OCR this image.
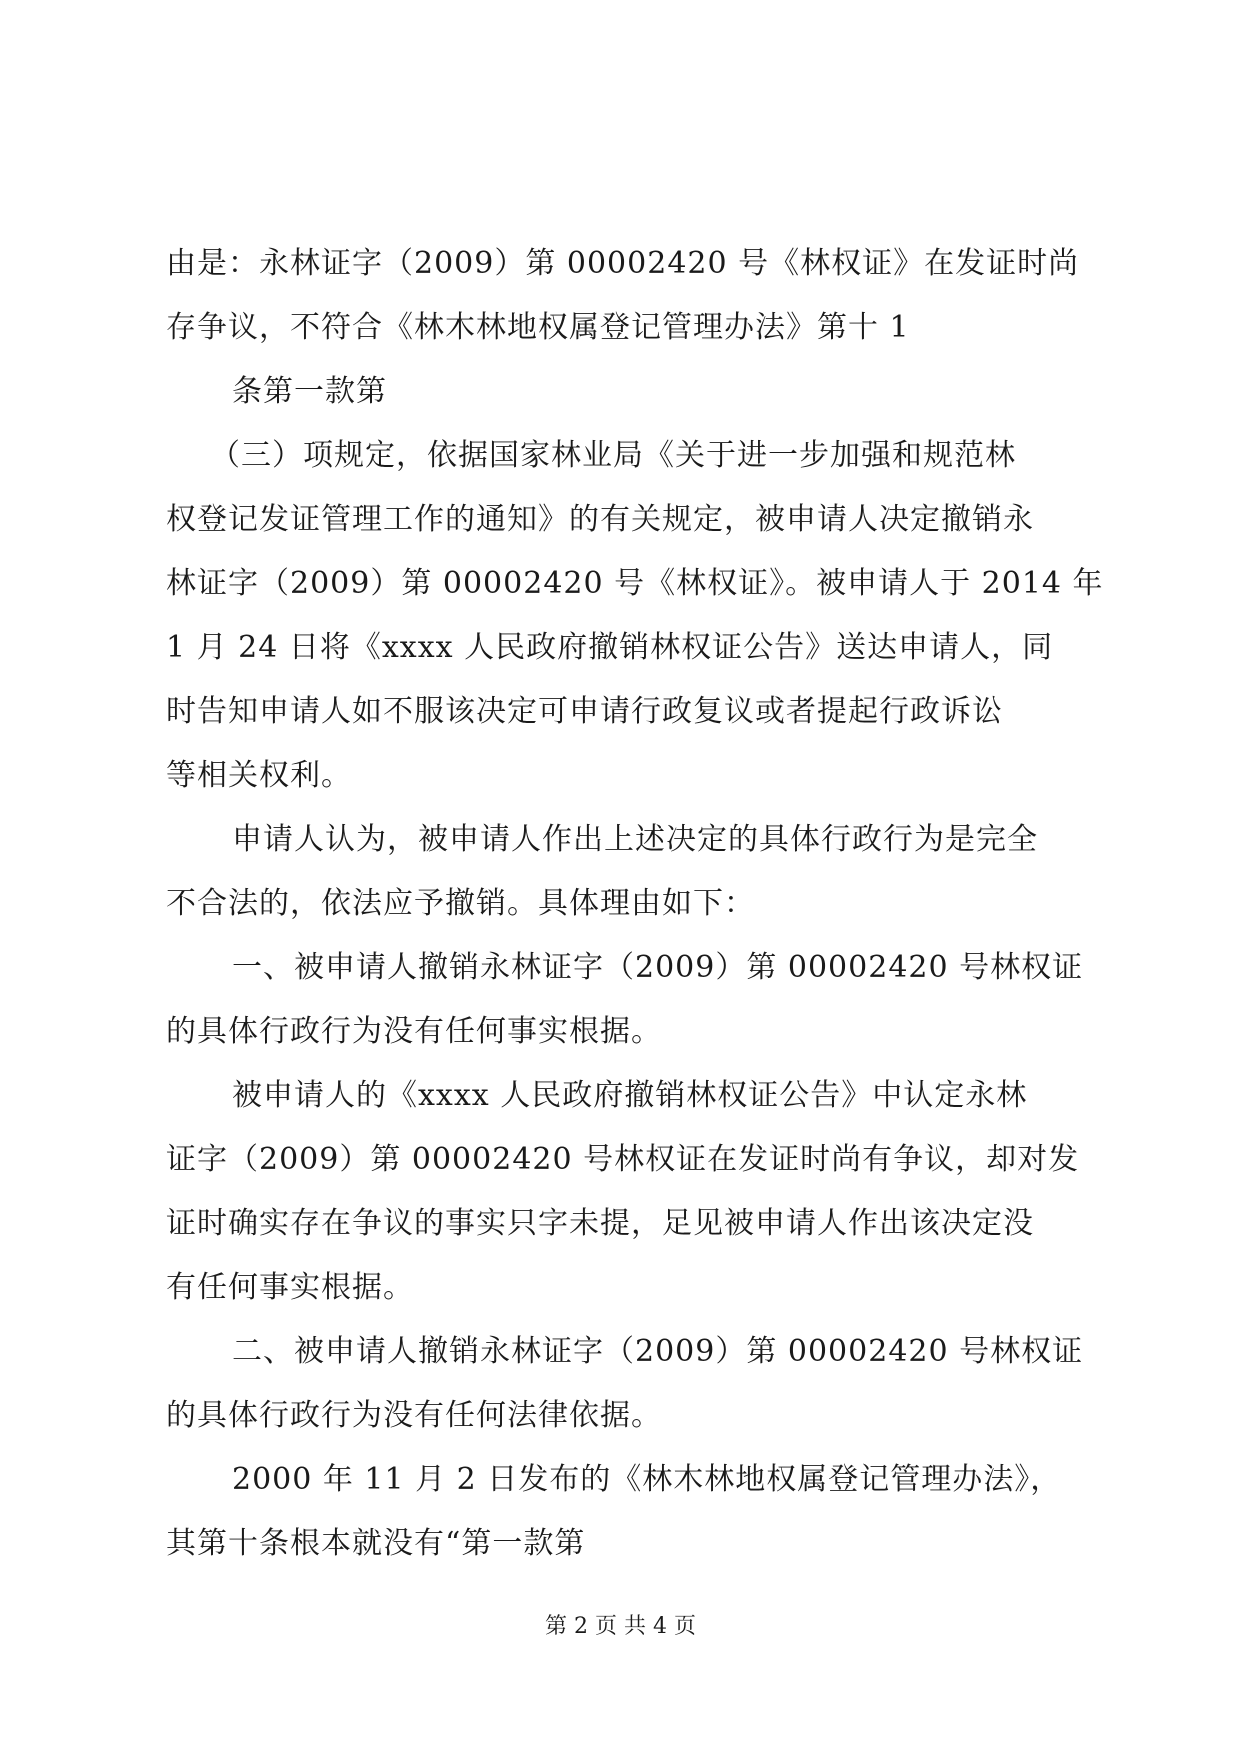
由是：永林证字（2009）第 00002420 号《林权证》在发证时尚
存争议，不符合《林木林地权属登记管理办法》第十 1
条第一款第
（三）项规定，依据国家林业局《关于进一步加强和规范林
权登记发证管理工作的通知》的有关规定，被申请人决定撤销永
林证字（2009）第 00002420 号《林权证》。被申请人于 2014 年
1 月 24 日将《xxxx 人民政府撤销林权证公告》送达申请人，同
时告知申请人如不服该决定可申请行政复议或者提起行政诉讼
等相关权利。
申请人认为，被申请人作出上述决定的具体行政行为是完全
不合法的，依法应予撤销。具体理由如下：
一、被申请人撤销永林证字（2009）第 00002420 号林权证
的具体行政行为没有任何事实根据。
被申请人的《xxxx 人民政府撤销林权证公告》中认定永林
证字（2009）第 00002420 号林权证在发证时尚有争议，却对发
证时确实存在争议的事实只字未提，足见被申请人作出该决定没
有任何事实根据。
二、被申请人撤销永林证字（2009）第 00002420 号林权证
的具体行政行为没有任何法律依据。
2000 年 11 月 2 日发布的《林木林地权属登记管理办法》，
其第十条根本就没有“第一款第
第 2 页 共 4 页
